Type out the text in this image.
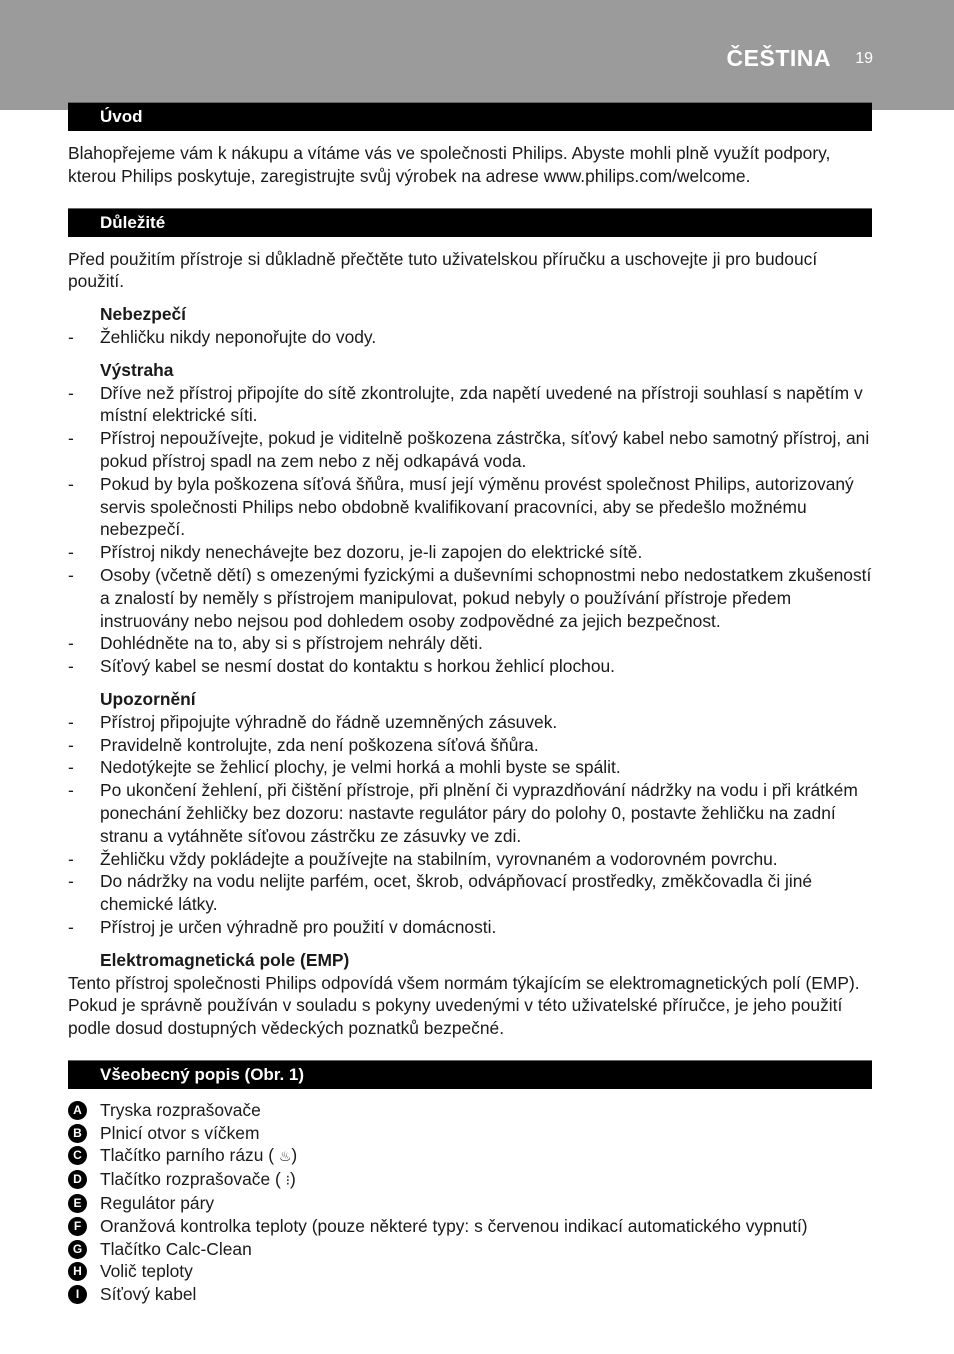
ČEŠTINA 19
Úvod

Blahopřejeme vám k nákupu a vítáme vás ve společnosti Philips. Abyste mohli plně využít podpory, kterou Philips poskytuje, zaregistrujte svůj výrobek na adrese www.philips.com/welcome.

Důležité

Před použitím přístroje si důkladně přečtěte tuto uživatelskou příručku a uschovejte ji pro budoucí použití.

Nebezpečí

- Žehličku nikdy neponořujte do vody.

Výstraha

- Dříve než přístroj připojíte do sítě zkontrolujte, zda napětí uvedené na přístroji souhlasí s napětím v místní elektrické síti.
- Přístroj nepoužívejte, pokud je viditelně poškozena zástrčka, síťový kabel nebo samotný přístroj, ani pokud přístroj spadl na zem nebo z něj odkapává voda.
- Pokud by byla poškozena síťová šňůra, musí její výměnu provést společnost Philips, autorizovaný servis společnosti Philips nebo obdobně kvalifikovaní pracovníci, aby se předešlo možnému nebezpečí.
- Přístroj nikdy nenechávejte bez dozoru, je-li zapojen do elektrické sítě.
- Osoby (včetně dětí) s omezenými fyzickými a duševními schopnostmi nebo nedostatkem zkušeností a znalostí by neměly s přístrojem manipulovat, pokud nebyly o používání přístroje předem instruovány nebo nejsou pod dohledem osoby zodpovědné za jejich bezpečnost.
- Dohlédněte na to, aby si s přístrojem nehrály děti.
- Síťový kabel se nesmí dostat do kontaktu s horkou žehlicí plochou.

Upozornění

- Přístroj připojujte výhradně do řádně uzemněných zásuvek.
- Pravidelně kontrolujte, zda není poškozena síťová šňůra.
- Nedotýkejte se žehlicí plochy, je velmi horká a mohli byste se spálit.
- Po ukončení žehlení, při čištění přístroje, při plnění či vyprazdňování nádržky na vodu i při krátkém ponechání žehličky bez dozoru: nastavte regulátor páry do polohy 0, postavte žehličku na zadní stranu a vytáhněte síťovou zástrčku ze zásuvky ve zdi.
- Žehličku vždy pokládejte a používejte na stabilním, vyrovnaném a vodorovném povrchu.
- Do nádržky na vodu nelijte parfém, ocet, škrob, odvápňovací prostředky, změkčovadla či jiné chemické látky.
- Přístroj je určen výhradně pro použití v domácnosti.

Elektromagnetická pole (EMP)

Tento přístroj společnosti Philips odpovídá všem normám týkajícím se elektromagnetických polí (EMP). Pokud je správně používán v souladu s pokyny uvedenými v této uživatelské příručce, je jeho použití podle dosud dostupných vědeckých poznatků bezpečné.

Všeobecný popis (Obr. 1)
A Tryska rozprašovače
B Plnicí otvor s víčkem
C Tlačítko parního rázu ( ♨)
D Tlačítko rozprašovače ( ⁝)
E	Regulátor páry
F	Oranžová kontrolka teploty (pouze některé typy: s červenou indikací automatického vypnutí)
G Tlačítko Calc-Clean
H Volič teploty
I	Síťový kabel
